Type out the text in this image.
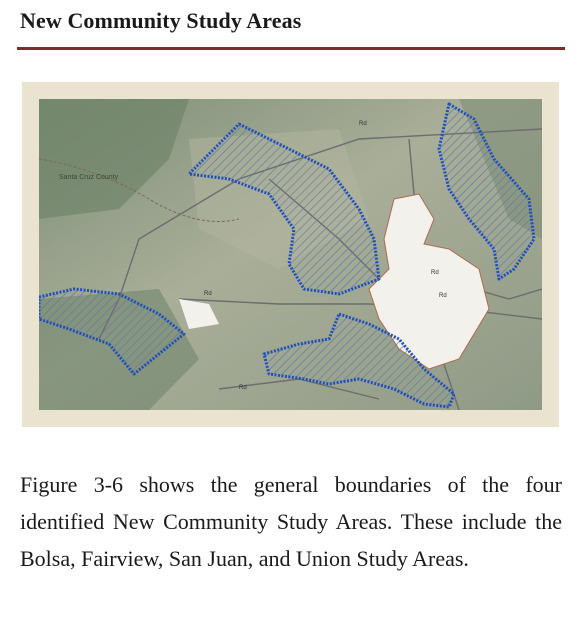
New Community Study Areas
Santa Cruz County
Rd
Rd
Rd
Rd
Rd

Figure 3-6 shows the general boundaries of the four identified New Community Study Areas. These include the Bolsa, Fairview, San Juan, and Union Study Areas.
